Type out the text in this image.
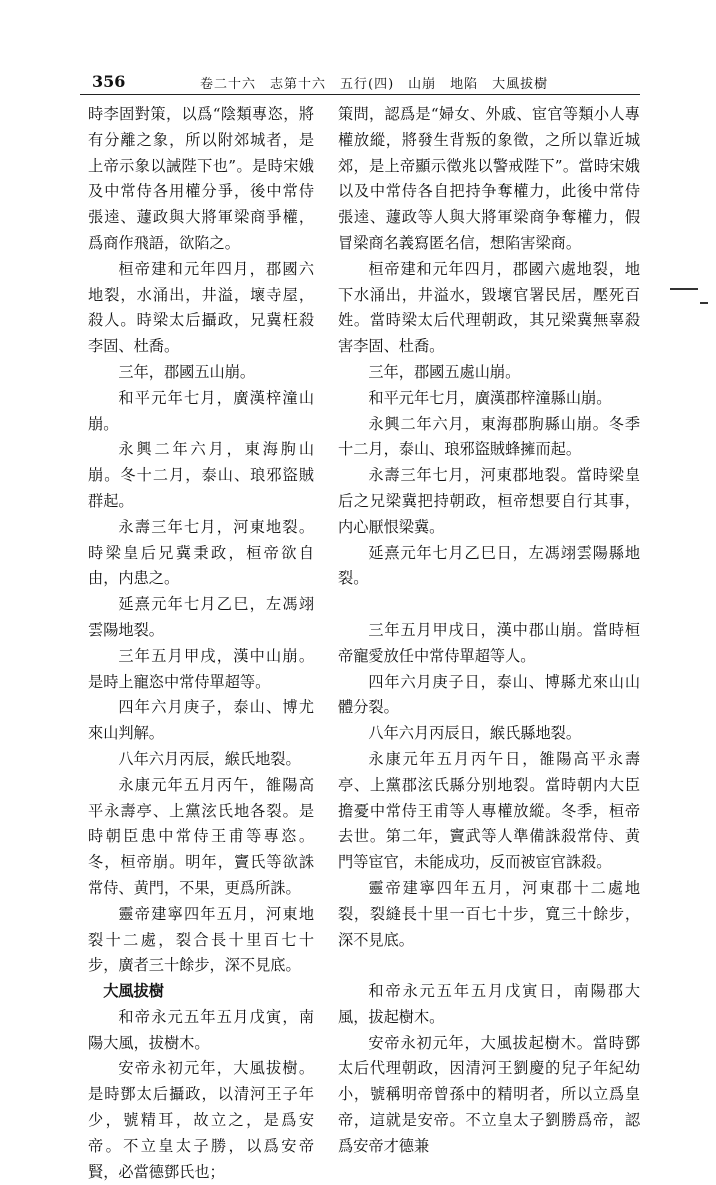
356	卷二十六　志第十六　五行(四)　山崩　地陷　大風拔樹

時李固對策，以爲“陰類專恣，將有分離之象，所以附郊城者，是上帝示象以誡陛下也”。是時宋娥及中常侍各用權分爭，後中常侍張逵、蘧政與大將軍梁商爭權，爲商作飛語，欲陷之。

桓帝建和元年四月，郡國六地裂，水涌出，井溢，壞寺屋，殺人。時梁太后攝政，兄冀枉殺李固、杜喬。

三年，郡國五山崩。

和平元年七月，廣漢梓潼山崩。

永興二年六月，東海朐山崩。冬十二月，泰山、琅邪盜賊群起。

永壽三年七月，河東地裂。時梁皇后兄冀秉政，桓帝欲自由，内患之。

延熹元年七月乙巳，左馮翊雲陽地裂。

三年五月甲戌，漢中山崩。是時上寵恣中常侍單超等。

四年六月庚子，泰山、博尤來山判解。

八年六月丙辰，緱氏地裂。

永康元年五月丙午，雒陽高平永壽亭、上黨泫氏地各裂。是時朝臣患中常侍王甫等專恣。冬，桓帝崩。明年，竇氏等欲誅常侍、黄門，不果，更爲所誅。

靈帝建寧四年五月，河東地裂十二處，裂合長十里百七十步，廣者三十餘步，深不見底。

大風拔樹

和帝永元五年五月戊寅，南陽大風，拔樹木。

安帝永初元年，大風拔樹。是時鄧太后攝政，以清河王子年少，號精耳，故立之，是爲安帝。不立皇太子勝，以爲安帝賢，必當德鄧氏也；

策問，認爲是“婦女、外戚、宦官等類小人專權放縱，將發生背叛的象徵，之所以靠近城郊，是上帝顯示徵兆以警戒陛下”。當時宋娥以及中常侍各自把持争奪權力，此後中常侍張逵、蘧政等人與大將軍梁商争奪權力，假冒梁商名義寫匿名信，想陷害梁商。

桓帝建和元年四月，郡國六處地裂，地下水涌出，井溢水，毀壞官署民居，壓死百姓。當時梁太后代理朝政，其兄梁冀無辜殺害李固、杜喬。

三年，郡國五處山崩。

和平元年七月，廣漢郡梓潼縣山崩。

永興二年六月，東海郡朐縣山崩。冬季十二月，泰山、琅邪盜賊蜂擁而起。

永壽三年七月，河東郡地裂。當時梁皇后之兄梁冀把持朝政，桓帝想要自行其事，内心厭恨梁冀。

延熹元年七月乙巳日，左馮翊雲陽縣地裂。

三年五月甲戌日，漢中郡山崩。當時桓帝寵愛放任中常侍單超等人。

四年六月庚子日，泰山、博縣尤來山山體分裂。

八年六月丙辰日，緱氏縣地裂。

永康元年五月丙午日，雒陽高平永壽亭、上黨郡泫氏縣分别地裂。當時朝内大臣擔憂中常侍王甫等人專權放縱。冬季，桓帝去世。第二年，竇武等人準備誅殺常侍、黄門等宦官，未能成功，反而被宦官誅殺。

靈帝建寧四年五月，河東郡十二處地裂，裂縫長十里一百七十步，寬三十餘步，深不見底。

和帝永元五年五月戊寅日，南陽郡大風，拔起樹木。

安帝永初元年，大風拔起樹木。當時鄧太后代理朝政，因清河王劉慶的兒子年紀幼小，號稱明帝曾孫中的精明者，所以立爲皇帝，這就是安帝。不立皇太子劉勝爲帝，認爲安帝才德兼
